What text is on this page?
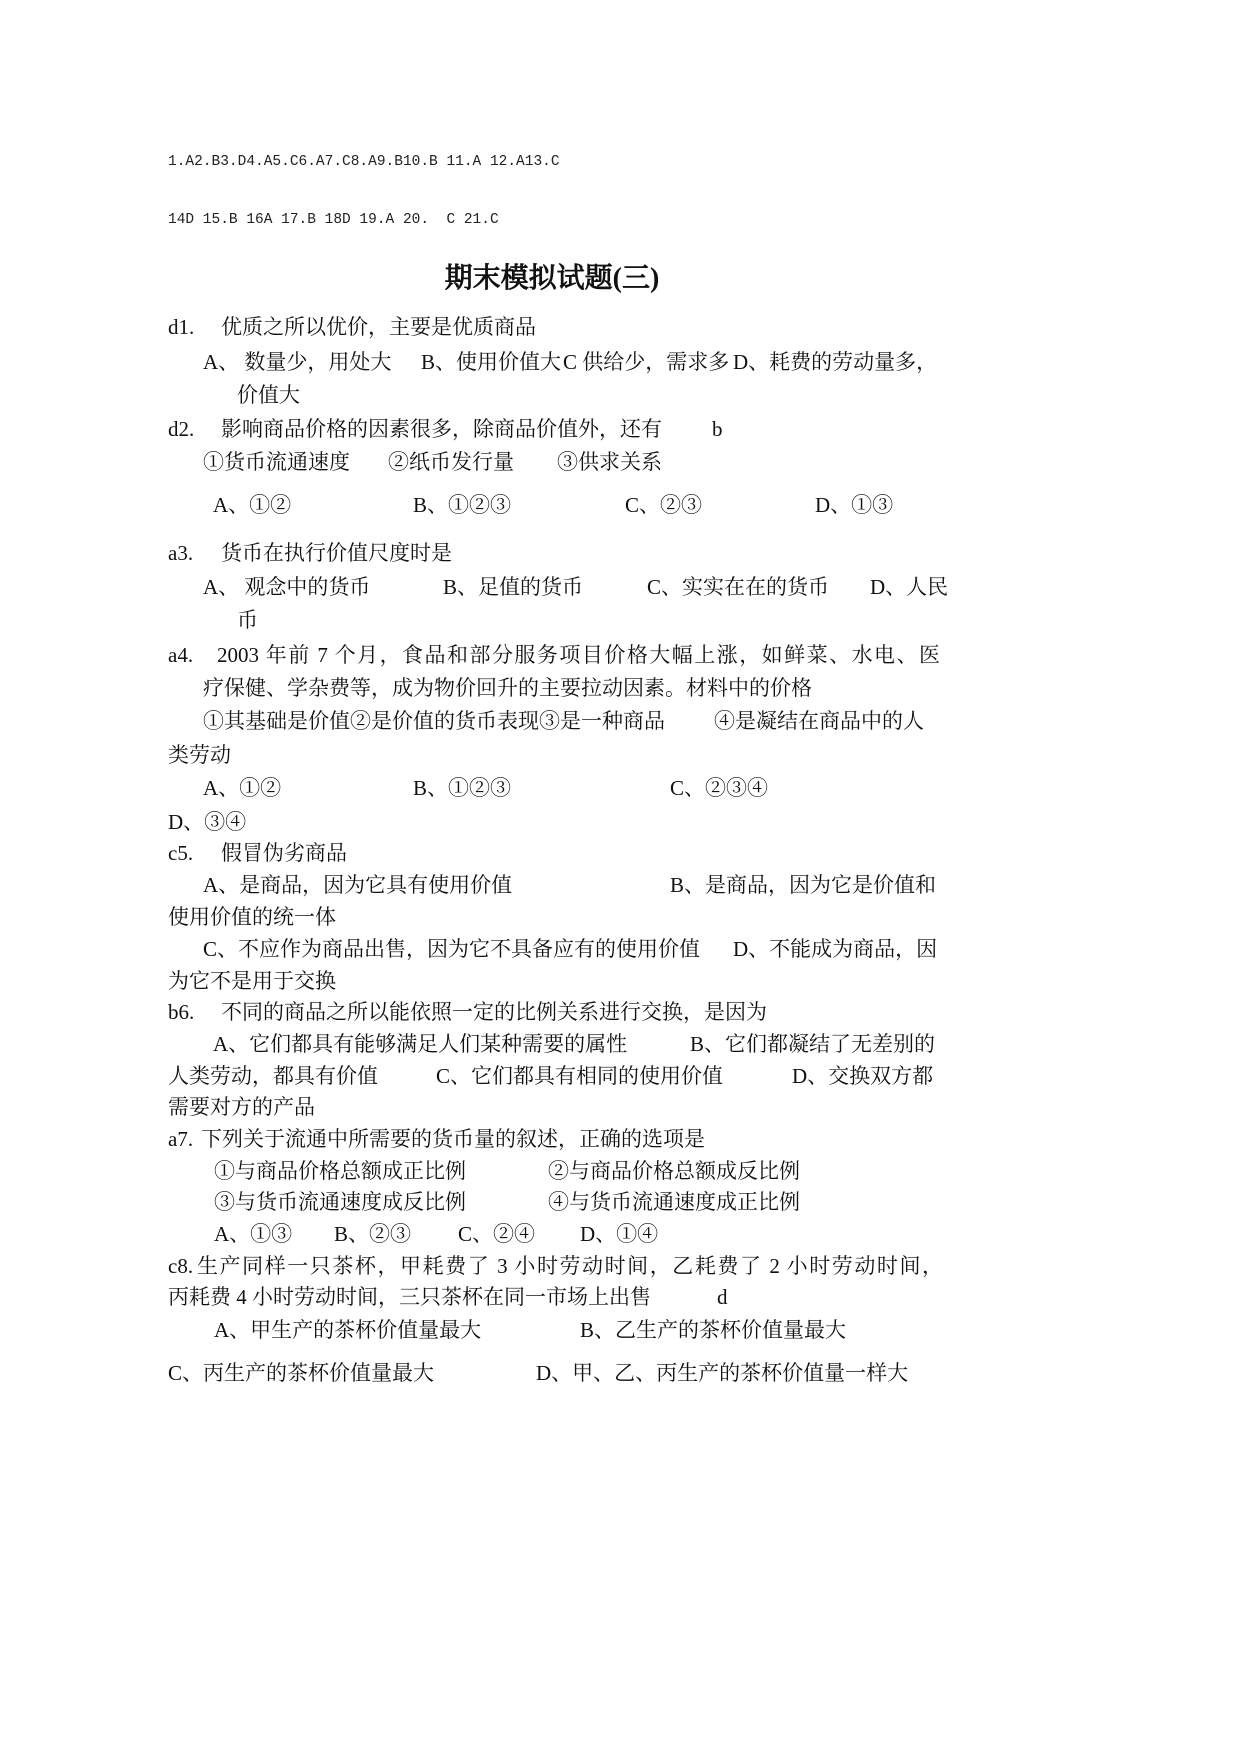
1.A2.B3.D4.A5.C6.A7.C8.A9.B10.B 11.A 12.A13.C
14D 15.B 16A 17.B 18D 19.A 20.  C 21.C
期末模拟试题(三)
d1. 优质之所以优价，主要是优质商品
A、 数量少，用处大 B、使用价值大 C 供给少，需求多 D、耗费的劳动量多，
价值大
d2. 影响商品价格的因素很多，除商品价值外，还有 b
①货币流通速度 ②纸币发行量 ③供求关系
A、①②	B、①②③	C、②③	D、①③
a3. 货币在执行价值尺度时是
A、 观念中的货币	B、足值的货币	C、实实在在的货币 D、人民
币
a4. 2003 年前 7 个月，食品和部分服务项目价格大幅上涨，如鲜菜、水电、医
疗保健、学杂费等，成为物价回升的主要拉动因素。材料中的价格
①其基础是价值②是价值的货币表现③是一种商品 ④是凝结在商品中的人
类劳动
A、①②	B、①②③	C、②③④
D、③④
c5. 假冒伪劣商品
A、是商品，因为它具有使用价值	B、是商品，因为它是价值和
使用价值的统一体
C、不应作为商品出售，因为它不具备应有的使用价值 D、不能成为商品，因
为它不是用于交换
b6. 不同的商品之所以能依照一定的比例关系进行交换，是因为
A、它们都具有能够满足人们某种需要的属性	B、它们都凝结了无差别的
人类劳动，都具有价值	C、它们都具有相同的使用价值	D、交换双方都
需要对方的产品
a7. 下列关于流通中所需要的货币量的叙述，正确的选项是
①与商品价格总额成正比例	②与商品价格总额成反比例
③与货币流通速度成反比例	④与货币流通速度成正比例
A、①③ B、②③ C、②④ D、①④
c8. 生产同样一只茶杯，甲耗费了 3 小时劳动时间，乙耗费了 2 小时劳动时间，
丙耗费 4 小时劳动时间，三只茶杯在同一市场上出售	d
A、甲生产的茶杯价值量最大	B、乙生产的茶杯价值量最大
C、丙生产的茶杯价值量最大	D、甲、乙、丙生产的茶杯价值量一样大
